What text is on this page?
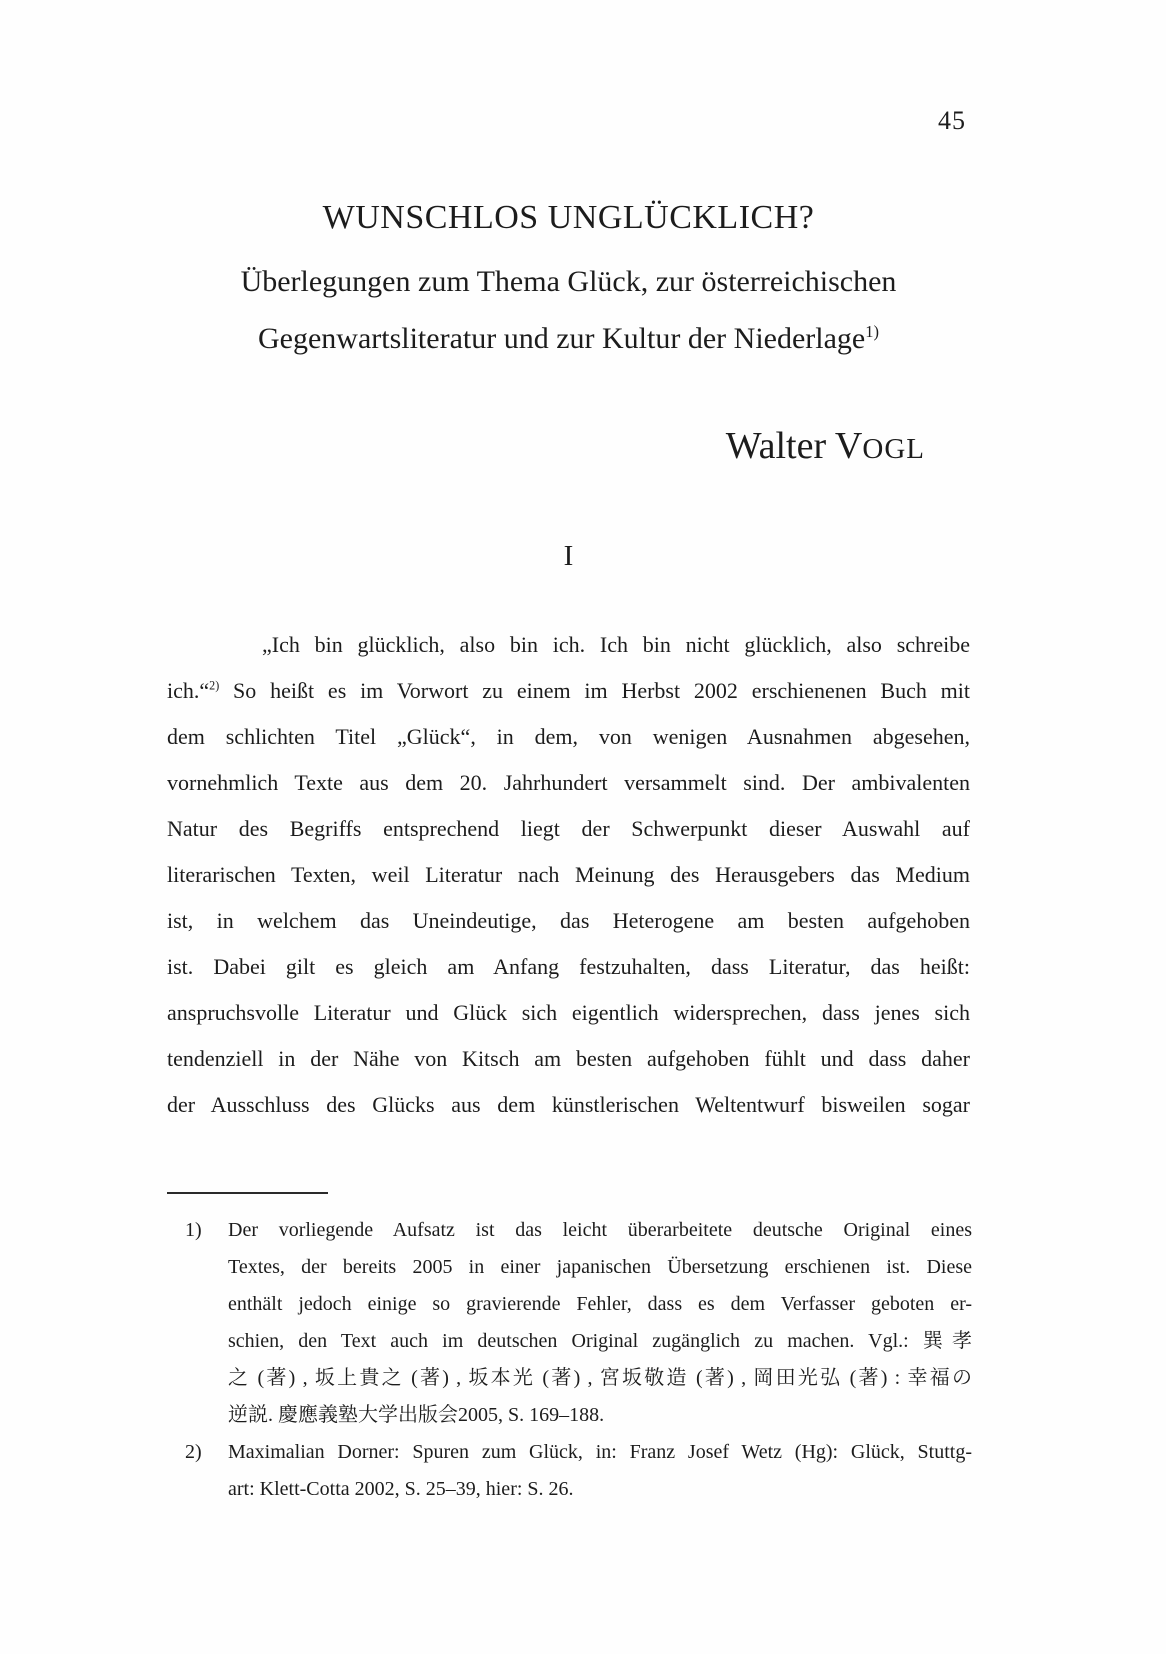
45
WUNSCHLOS UNGLÜCKLICH?
Überlegungen zum Thema Glück, zur österreichischen
Gegenwartsliteratur und zur Kultur der Niederlage$^{1)}$
Walter VOGL
I
„Ich bin glücklich, also bin ich. Ich bin nicht glücklich, also schreibe
ich.“$^{2)}$ So heißt es im Vorwort zu einem im Herbst 2002 erschienenen Buch mit
dem schlichten Titel „Glück“, in dem, von wenigen Ausnahmen abgesehen,
vornehmlich Texte aus dem 20. Jahrhundert versammelt sind. Der ambivalenten
Natur des Begriffs entsprechend liegt der Schwerpunkt dieser Auswahl auf
literarischen Texten, weil Literatur nach Meinung des Herausgebers das Medium
ist, in welchem das Uneindeutige, das Heterogene am besten aufgehoben
ist. Dabei gilt es gleich am Anfang festzuhalten, dass Literatur, das heißt:
anspruchsvolle Literatur und Glück sich eigentlich widersprechen, dass jenes sich
tendenziell in der Nähe von Kitsch am besten aufgehoben fühlt und dass daher
der Ausschluss des Glücks aus dem künstlerischen Weltentwurf bisweilen sogar
1)	Der vorliegende Aufsatz ist das leicht überarbeitete deutsche Original eines
Textes, der bereits 2005 in einer japanischen Übersetzung erschienen ist. Diese
enthält jedoch einige so gravierende Fehler, dass es dem Verfasser geboten er-
schien, den Text auch im deutschen Original zugänglich zu machen. Vgl.: 巽孝
之 (著) , 坂上貴之 (著) , 坂本光 (著) , 宮坂敬造 (著) , 岡田光弘 (著) : 幸福の
逆説. 慶應義塾大学出版会2005, S. 169–188.
2)	Maximalian Dorner: Spuren zum Glück, in: Franz Josef Wetz (Hg): Glück, Stuttg-
art: Klett-Cotta 2002, S. 25–39, hier: S. 26.
